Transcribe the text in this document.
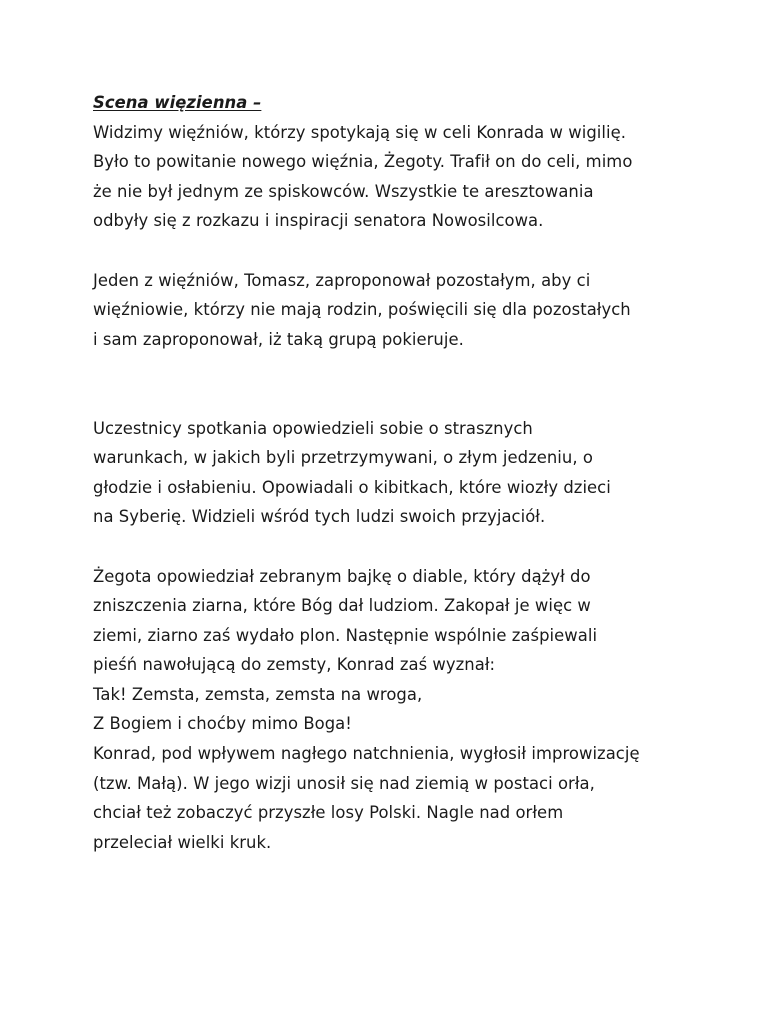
Scena więzienna –
Widzimy więźniów, którzy spotykają się w celi Konrada w wigilię.
Było to powitanie nowego więźnia, Żegoty. Trafił on do celi, mimo
że nie był jednym ze spiskowców. Wszystkie te aresztowania
odbyły się z rozkazu i inspiracji senatora Nowosilcowa.
Jeden z więźniów, Tomasz, zaproponował pozostałym, aby ci
więźniowie, którzy nie mają rodzin, poświęcili się dla pozostałych
i sam zaproponował, iż taką grupą pokieruje.
Uczestnicy spotkania opowiedzieli sobie o strasznych
warunkach, w jakich byli przetrzymywani, o złym jedzeniu, o
głodzie i osłabieniu. Opowiadali o kibitkach, które wiozły dzieci
na Syberię. Widzieli wśród tych ludzi swoich przyjaciół.
Żegota opowiedział zebranym bajkę o diable, który dążył do
zniszczenia ziarna, które Bóg dał ludziom. Zakopał je więc w
ziemi, ziarno zaś wydało plon. Następnie wspólnie zaśpiewali
pieśń nawołującą do zemsty, Konrad zaś wyznał:
Tak! Zemsta, zemsta, zemsta na wroga,
Z Bogiem i choćby mimo Boga!
Konrad, pod wpływem nagłego natchnienia, wygłosił improwizację
(tzw. Małą). W jego wizji unosił się nad ziemią w postaci orła,
chciał też zobaczyć przyszłe losy Polski. Nagle nad orłem
przeleciał wielki kruk.
